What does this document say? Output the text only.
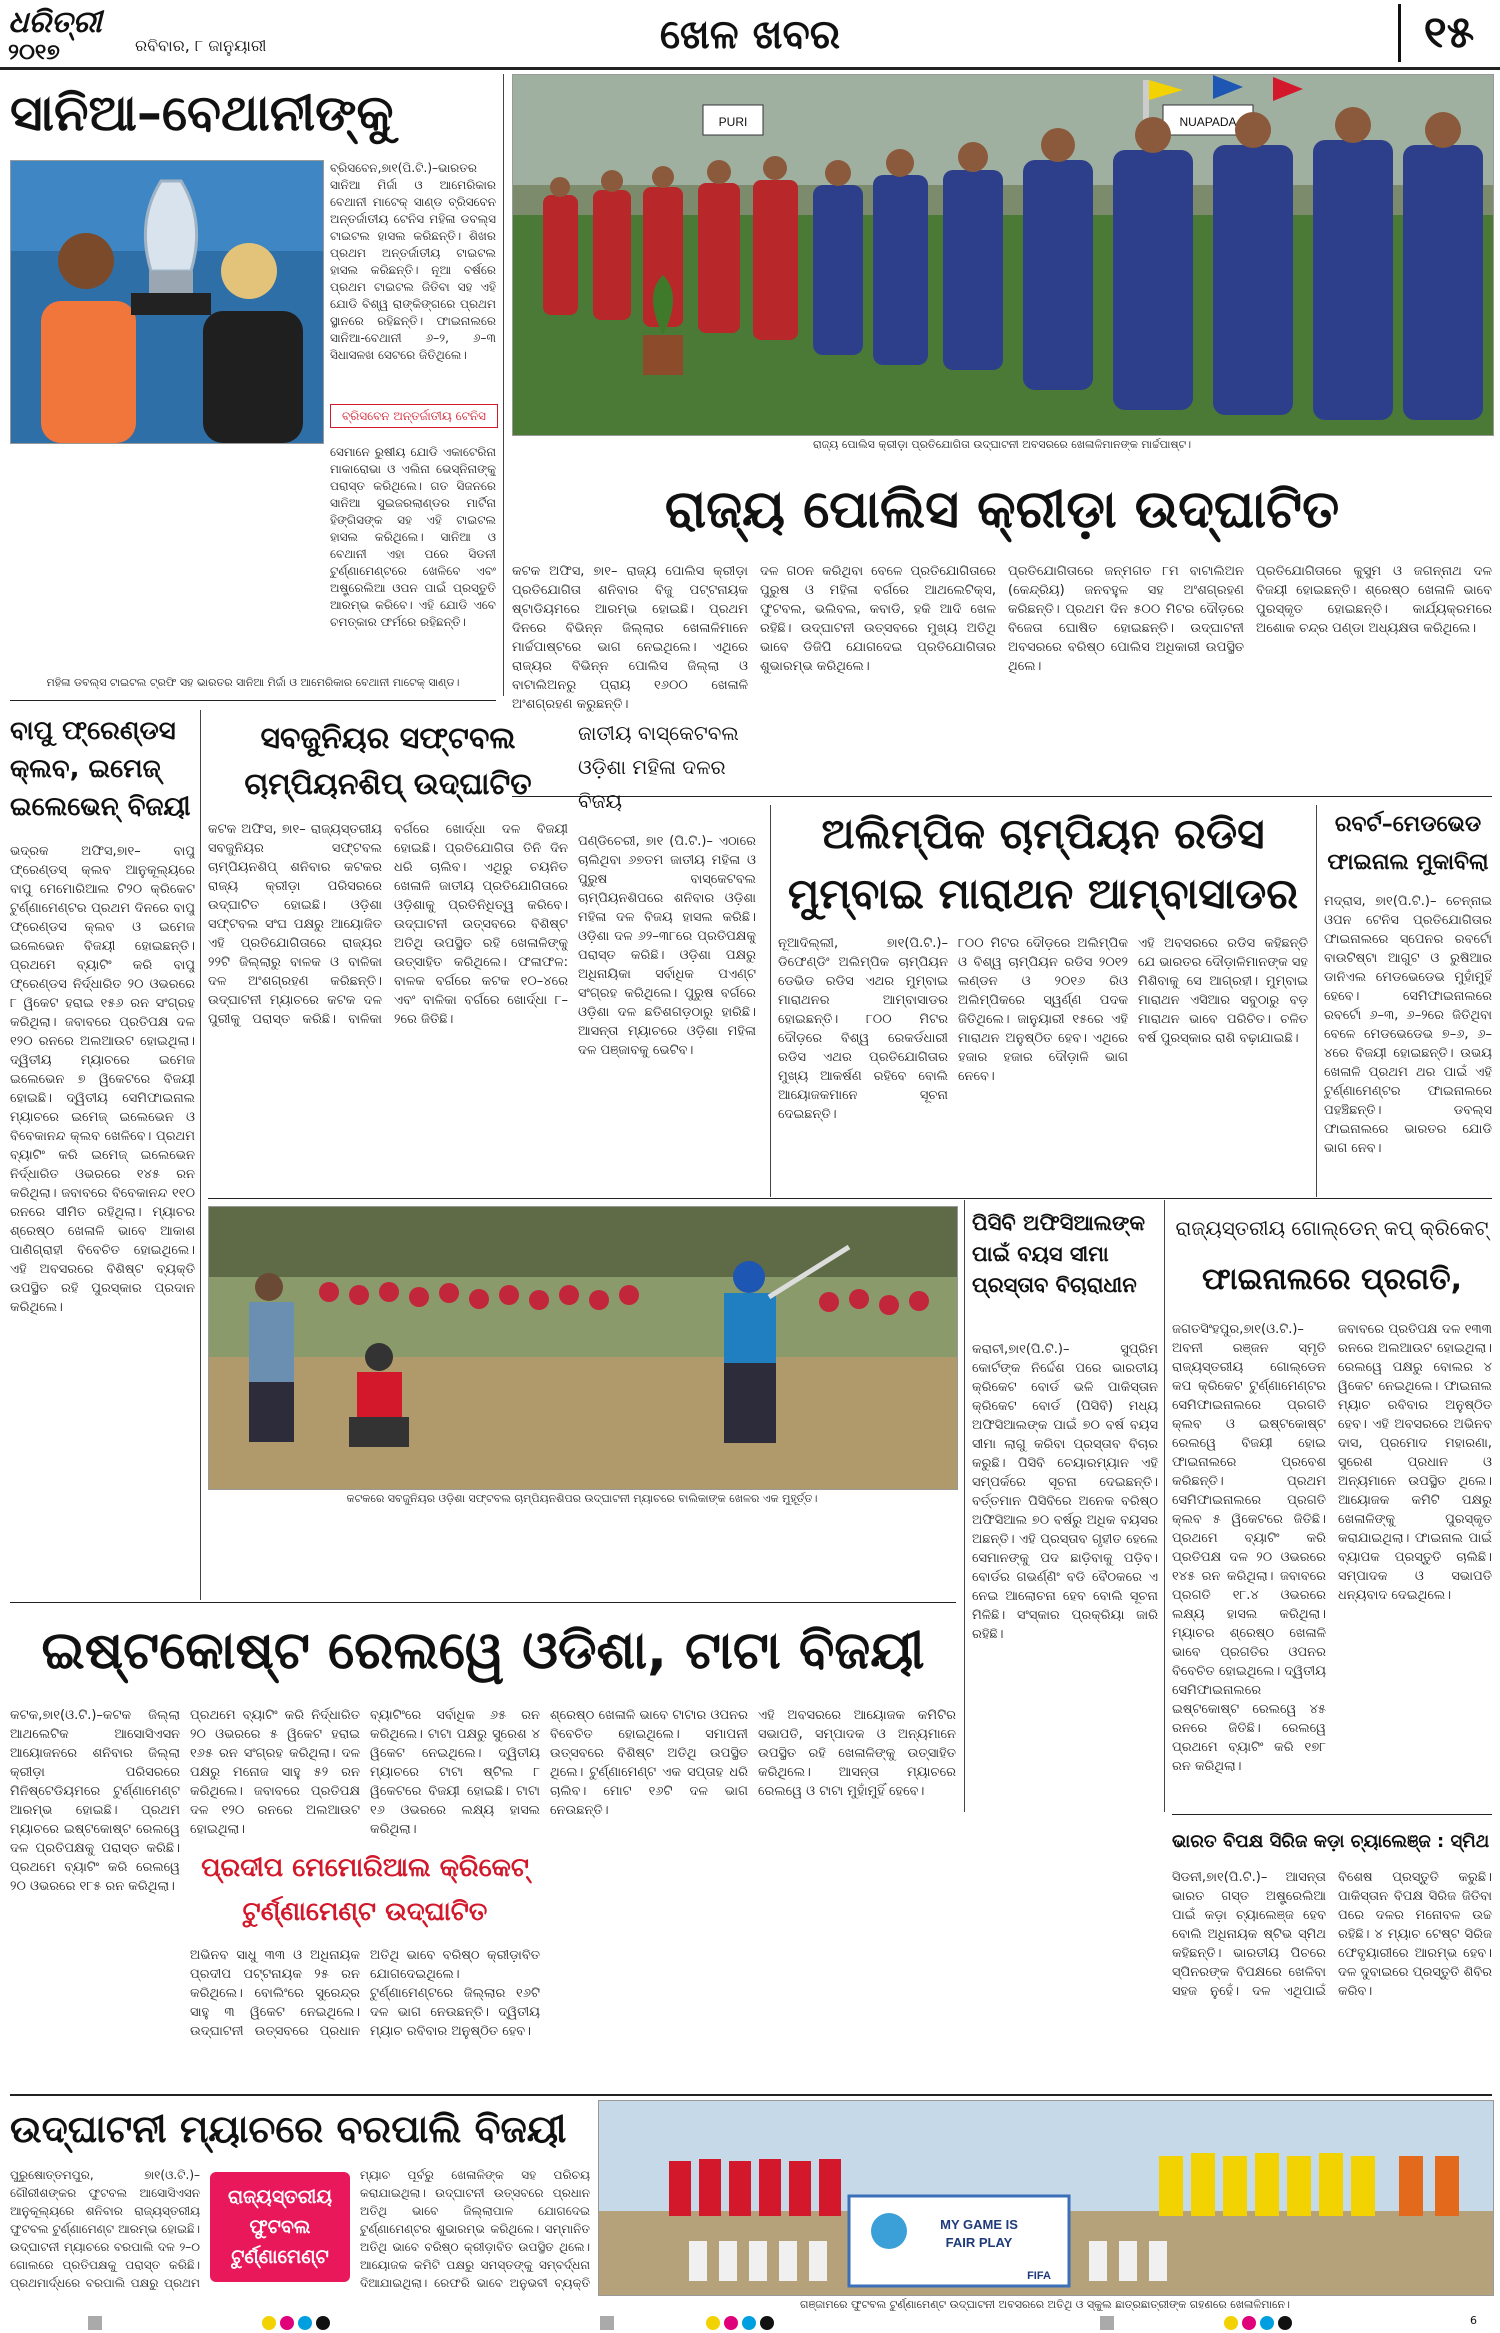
ଧରିତ୍ରୀ
୨୦୧୭	ରବିବାର, ୮ ଜାନୁୟାରୀ	ଖେଳ ଖବର	୧୫
ସାନିଆ–ବେଥାନୀଙ୍କୁ
ବ୍ରିସବେନ,୭ା୧(ପି.ଟି.)–ଭାରତର ସାନିଆ ମିର୍ଜା ଓ ଆମେରିକାର ବେଥାନୀ ମାଟେକ୍ ସାଣ୍ଡ ବ୍ରିସବେନ ଅନ୍ତର୍ଜାତୀୟ ଟେନିସ ମହିଳା ଡବଲ୍ସ ଟାଇଟଲ ହାସଲ କରିଛନ୍ତି। ଶିଖର ପ୍ରଥମ ଅନ୍ତର୍ଜାତୀୟ ଟାଇଟଲ ହାସଲ କରିଛନ୍ତି। ନୂଆ ବର୍ଷରେ ପ୍ରଥମ ଟାଇଟଲ ଜିତିବା ସହ ଏହି ଯୋଡି ବିଶ୍ୱ ରାଙ୍କିଙ୍ଗରେ ପ୍ରଥମ ସ୍ଥାନରେ ରହିଛନ୍ତି। ଫାଇନାଲରେ ସାନିଆ-ବେଥାନୀ ୬–୨, ୬–୩ ସିଧାସଳଖ ସେଟରେ ଜିତିଥିଲେ।
ବ୍ରିସବେନ ଅନ୍ତର୍ଜାତୀୟ ଟେନିସ
ସେମାନେ ରୁଷୀୟ ଯୋଡି ଏକାଟେରିନା ମାକାରୋଭା ଓ ଏଲିନା ଭେସ୍ନିନାଙ୍କୁ ପରାସ୍ତ କରିଥିଲେ। ଗତ ସିଜନରେ ସାନିଆ ସୁଇଜରଲାଣ୍ଡର ମାର୍ଟିନା ହିଙ୍ଗିସଙ୍କ ସହ ଏହି ଟାଇଟଲ ହାସଲ କରିଥିଲେ। ସାନିଆ ଓ ବେଥାନୀ ଏହା ପରେ ସିଡନୀ ଟୁର୍ଣ୍ଣାମେଣ୍ଟରେ ଖେଳିବେ ଏବଂ ଅଷ୍ଟ୍ରେଲିଆ ଓପନ ପାଇଁ ପ୍ରସ୍ତୁତି ଆରମ୍ଭ କରିବେ। ଏହି ଯୋଡି ଏବେ ଚମତ୍କାର ଫର୍ମରେ ରହିଛନ୍ତି।
ମହିଳା ଡବଲ୍ସ ଟାଇଟଲ ଟ୍ରଫି ସହ ଭାରତର ସାନିଆ ମିର୍ଜା ଓ ଆମେରିକାର ବେଥାନୀ ମାଟେକ୍ ସାଣ୍ଡ।
PURI	NUAPADA
ରାଜ୍ୟ ପୋଲିସ କ୍ରୀଡ଼ା ପ୍ରତିଯୋଗିତା ଉଦ୍‌ଘାଟନୀ ଅବସରରେ ଖେଳାଳିମାନଙ୍କ ମାର୍ଚ୍ଚପାଷ୍ଟ।
ରାଜ୍ୟ ପୋଲିସ କ୍ରୀଡ଼ା ଉଦ୍‌ଘାଟିତ
କଟକ ଅଫିସ, ୭ା୧– ରାଜ୍ୟ ପୋଲିସ କ୍ରୀଡ଼ା ପ୍ରତିଯୋଗିତା ଶନିବାର ବିଜୁ ପଟ୍ଟନାୟକ ଷ୍ଟାଡିୟମରେ ଆରମ୍ଭ ହୋଇଛି। ପ୍ରଥମ ଦିନରେ ବିଭିନ୍ନ ଜିଲ୍ଲାର ଖେଳାଳିମାନେ ମାର୍ଚ୍ଚପାଷ୍ଟରେ ଭାଗ ନେଇଥିଲେ। ଏଥିରେ ରାଜ୍ୟର ବିଭିନ୍ନ ପୋଲିସ ଜିଲ୍ଲା ଓ ବାଟାଲିଅନରୁ ପ୍ରାୟ ୧୬୦୦ ଖେଳାଳି ଅଂଶଗ୍ରହଣ କରୁଛନ୍ତି।
ଦଳ ଗଠନ କରିଥିବା ବେଳେ ପ୍ରତିଯୋଗିତାରେ ପୁରୁଷ ଓ ମହିଳା ବର୍ଗରେ ଆଥଲେଟିକ୍ସ, ଫୁଟବଲ, ଭଲିବଲ, କବାଡି, ହକି ଆଦି ଖେଳ ରହିଛି। ଉଦ୍‌ଘାଟନୀ ଉତ୍ସବରେ ମୁଖ୍ୟ ଅତିଥି ଭାବେ ଡିଜିପି ଯୋଗଦେଇ ପ୍ରତିଯୋଗିତାର ଶୁଭାରମ୍ଭ କରିଥିଲେ।
ପ୍ରତିଯୋଗିତାରେ ଜନ୍ମଗତ ୮ମ ବାଟାଲିଅନ (କେନ୍ଦ୍ରିୟ) ଜନବହୁଳ ସହ ଅଂଶଗ୍ରହଣ କରିଛନ୍ତି। ପ୍ରଥମ ଦିନ ୫୦୦ ମିଟର ଦୌଡ଼ରେ ବିଜେତା ଘୋଷିତ ହୋଇଛନ୍ତି। ଉଦ୍‌ଘାଟନୀ ଅବସରରେ ବରିଷ୍ଠ ପୋଲିସ ଅଧିକାରୀ ଉପସ୍ଥିତ ଥିଲେ।
ପ୍ରତିଯୋଗିତାରେ କୁସୁମ ଓ ଜଗନ୍ନାଥ ଦଳ ବିଜୟୀ ହୋଇଛନ୍ତି। ଶ୍ରେଷ୍ଠ ଖେଳାଳି ଭାବେ ପୁରସ୍କୃତ ହୋଇଛନ୍ତି। କାର୍ଯ୍ୟକ୍ରମରେ ଅଶୋକ ଚନ୍ଦ୍ର ପଣ୍ଡା ଅଧ୍ୟକ୍ଷତା କରିଥିଲେ।
ବାପୁ ଫ୍ରେଣ୍ଡସ କ୍ଲବ, ଇମେଜ୍ ଇଲେଭେନ୍ ବିଜୟୀ
ଭଦ୍ରକ ଅଫିସ,୭ା୧– ବାପୁ ଫ୍ରେଣ୍ଡସ୍ କ୍ଲବ ଆନୁକୂଲ୍ୟରେ ବାପୁ ମେମୋରିଆଲ ଟି୨୦ କ୍ରିକେଟ ଟୁର୍ଣ୍ଣାମେଣ୍ଟର ପ୍ରଥମ ଦିନରେ ବାପୁ ଫ୍ରେଣ୍ଡସ କ୍ଲବ ଓ ଇମେଜ ଇଲେଭେନ ବିଜୟୀ ହୋଇଛନ୍ତି। ପ୍ରଥମେ ବ୍ୟାଟିଂ କରି ବାପୁ ଫ୍ରେଣ୍ଡସ ନିର୍ଦ୍ଧାରିତ ୨୦ ଓଭରରେ ୮ ୱିକେଟ ହରାଇ ୧୫୬ ରନ ସଂଗ୍ରହ କରିଥିଲା। ଜବାବରେ ପ୍ରତିପକ୍ଷ ଦଳ ୧୨୦ ରନରେ ଅଲଆଉଟ ହୋଇଥିଲା। ଦ୍ୱିତୀୟ ମ୍ୟାଚରେ ଇମେଜ ଇଲେଭେନ ୭ ୱିକେଟରେ ବିଜୟୀ ହୋଇଛି। ଦ୍ୱିତୀୟ ସେମିଫାଇନାଲ ମ୍ୟାଚରେ ଇମେଜ୍ ଇଲେଭେନ ଓ ବିବେକାନନ୍ଦ କ୍ଲବ ଖେଳିବେ। ପ୍ରଥମ ବ୍ୟାଟିଂ କରି ଇମେଜ୍ ଇଲେଭେନ ନିର୍ଦ୍ଧାରିତ ଓଭରରେ ୧୪୫ ରନ କରିଥିଲା। ଜବାବରେ ବିବେକାନନ୍ଦ ୧୧୦ ରନରେ ସୀମିତ ରହିଥିଲା। ମ୍ୟାଚର ଶ୍ରେଷ୍ଠ ଖେଳାଳି ଭାବେ ଆକାଶ ପାଣିଗ୍ରାହୀ ବିବେଚିତ ହୋଇଥିଲେ। ଏହି ଅବସରରେ ବିଶିଷ୍ଟ ବ୍ୟକ୍ତି ଉପସ୍ଥିତ ରହି ପୁରସ୍କାର ପ୍ରଦାନ କରିଥିଲେ।
ସବଜୁନିୟର ସଫ୍ଟବଲ ଚାମ୍ପିୟନଶିପ୍ ଉଦ୍‌ଘାଟିତ
କଟକ ଅଫିସ, ୭ା୧– ରାଜ୍ୟସ୍ତରୀୟ ସବଜୁନିୟର ସଫ୍ଟବଲ ଚାମ୍ପିୟନଶିପ୍ ଶନିବାର କଟକର ରାଜ୍ୟ କ୍ରୀଡ଼ା ପରିସରରେ ଉଦ୍‌ଘାଟିତ ହୋଇଛି। ଓଡ଼ିଶା ସଫ୍ଟବଲ ସଂଘ ପକ୍ଷରୁ ଆୟୋଜିତ ଏହି ପ୍ରତିଯୋଗିତାରେ ରାଜ୍ୟର ୨୨ଟି ଜିଲ୍ଲାରୁ ବାଳକ ଓ ବାଳିକା ଦଳ ଅଂଶଗ୍ରହଣ କରିଛନ୍ତି। ଉଦ୍‌ଘାଟନୀ ମ୍ୟାଚରେ କଟକ ଦଳ ପୁରୀକୁ ପରାସ୍ତ କରିଛି। ବାଳିକା ବର୍ଗରେ ଖୋର୍ଦ୍ଧା ଦଳ ବିଜୟୀ ହୋଇଛି। ପ୍ରତିଯୋଗିତା ତିନି ଦିନ ଧରି ଚାଲିବ। ଏଥିରୁ ଚୟନିତ ଖେଳାଳି ଜାତୀୟ ପ୍ରତିଯୋଗିତାରେ ଓଡ଼ିଶାକୁ ପ୍ରତିନିଧିତ୍ୱ କରିବେ। ଉଦ୍‌ଘାଟନୀ ଉତ୍ସବରେ ବିଶିଷ୍ଟ ଅତିଥି ଉପସ୍ଥିତ ରହି ଖେଳାଳିଙ୍କୁ ଉତ୍ସାହିତ କରିଥିଲେ। ଫଳାଫଳ: ବାଳକ ବର୍ଗରେ କଟକ ୧୦–୪ରେ ଏବଂ ବାଳିକା ବର୍ଗରେ ଖୋର୍ଦ୍ଧା ୮–୨ରେ ଜିତିଛି।
ଜାତୀୟ ବାସ୍କେଟବଲ ଓଡ଼ିଶା ମହିଳା ଦଳର ବିଜୟ
ପଣ୍ଡିଚେରୀ, ୭ା୧ (ପି.ଟି.)– ଏଠାରେ ଚାଲିଥିବା ୬୭ତମ ଜାତୀୟ ମହିଳା ଓ ପୁରୁଷ ବାସ୍କେଟବଲ ଚାମ୍ପିୟନଶିପରେ ଶନିବାର ଓଡ଼ିଶା ମହିଳା ଦଳ ବିଜୟ ହାସଲ କରିଛି। ଓଡ଼ିଶା ଦଳ ୬୨–୩୮ରେ ପ୍ରତିପକ୍ଷକୁ ପରାସ୍ତ କରିଛି। ଓଡ଼ିଶା ପକ୍ଷରୁ ଅଧିନାୟିକା ସର୍ବାଧିକ ପଏଣ୍ଟ ସଂଗ୍ରହ କରିଥିଲେ। ପୁରୁଷ ବର୍ଗରେ ଓଡ଼ିଶା ଦଳ ଛତିଶଗଡ଼ଠାରୁ ହାରିଛି। ଆସନ୍ତା ମ୍ୟାଚରେ ଓଡ଼ିଶା ମହିଳା ଦଳ ପଞ୍ଜାବକୁ ଭେଟିବ।
ଅଲିମ୍ପିକ ଚାମ୍ପିୟନ ରଡିସ
ମୁମ୍ବାଇ ମାରାଥନ ଆମ୍ବାସାଡର
ନୂଆଦିଲ୍ଲୀ, ୭ା୧(ପି.ଟି.)– ଡିଫେଣ୍ଡିଂ ଅଲିମ୍ପିକ ଚାମ୍ପିୟନ ଡେଭିଡ ରଡିସ ଏଥର ମୁମ୍ବାଇ ମାରାଥନର ଆମ୍ବାସାଡର ହୋଇଛନ୍ତି। ୮୦୦ ମିଟର ଦୌଡ଼ରେ ବିଶ୍ୱ ରେକର୍ଡଧାରୀ ରଡିସ ଏଥର ପ୍ରତିଯୋଗିତାର ମୁଖ୍ୟ ଆକର୍ଷଣ ରହିବେ ବୋଲି ଆୟୋଜକମାନେ ସୂଚନା ଦେଇଛନ୍ତି।
୮୦୦ ମିଟର ଦୌଡ଼ରେ ଅଲିମ୍ପିକ ଓ ବିଶ୍ୱ ଚାମ୍ପିୟନ ରଡିସ ୨୦୧୨ ଲଣ୍ଡନ ଓ ୨୦୧୬ ରିଓ ଅଲିମ୍ପିକରେ ସ୍ୱର୍ଣ୍ଣ ପଦକ ଜିତିଥିଲେ। ଜାନୁୟାରୀ ୧୫ରେ ଏହି ମାରାଥନ ଅନୁଷ୍ଠିତ ହେବ। ଏଥିରେ ହଜାର ହଜାର ଦୌଡ଼ାଳି ଭାଗ ନେବେ।
ଏହି ଅବସରରେ ରଡିସ କହିଛନ୍ତି ଯେ ଭାରତର ଦୌଡ଼ାଳିମାନଙ୍କ ସହ ମିଶିବାକୁ ସେ ଆଗ୍ରହୀ। ମୁମ୍ବାଇ ମାରାଥନ ଏସିଆର ସବୁଠାରୁ ବଡ଼ ମାରାଥନ ଭାବେ ପରିଚିତ। ଚଳିତ ବର୍ଷ ପୁରସ୍କାର ରାଶି ବଢ଼ାଯାଇଛି।
ରବର୍ଟ–ମେଡଭେଡ ଫାଇନାଲ ମୁକାବିଲା
ମଦ୍ରାସ, ୭ା୧(ପି.ଟି.)– ଚେନ୍ନାଇ ଓପନ ଟେନିସ ପ୍ରତିଯୋଗିତାର ଫାଇନାଲରେ ସ୍ପେନର ରବର୍ଟୋ ବାଉଟିଷ୍ଟା ଆଗୁଟ ଓ ରୁଷିଆର ଡାନିଏଲ ମେଡଭେଡେଭ ମୁହାଁମୁହିଁ ହେବେ। ସେମିଫାଇନାଲରେ ରବର୍ଟୋ ୬–୩, ୬–୨ରେ ଜିତିଥିବା ବେଳେ ମେଡଭେଡେଭ ୭–୬, ୬–୪ରେ ବିଜୟୀ ହୋଇଛନ୍ତି। ଉଭୟ ଖେଳାଳି ପ୍ରଥମ ଥର ପାଇଁ ଏହି ଟୁର୍ଣ୍ଣାମେଣ୍ଟର ଫାଇନାଲରେ ପହଞ୍ଚିଛନ୍ତି। ଡବଲ୍ସ ଫାଇନାଲରେ ଭାରତର ଯୋଡି ଭାଗ ନେବ।
କଟକରେ ସବଜୁନିୟର ଓଡ଼ିଶା ସଫ୍ଟବଲ ଚାମ୍ପିୟନଶିପର ଉଦ୍‌ଘାଟନୀ ମ୍ୟାଚରେ ବାଲିକାଙ୍କ ଖେଳର ଏକ ମୁହୂର୍ତ୍ତ।
ପିସିବି ଅଫିସିଆଲଙ୍କ ପାଇଁ ବୟସ ସୀମା ପ୍ରସ୍ତାବ ବିଚାରାଧୀନ
କରାଚୀ,୭ା୧(ପି.ଟି.)– ସୁପ୍ରିମ କୋର୍ଟଙ୍କ ନିର୍ଦ୍ଦେଶ ପରେ ଭାରତୀୟ କ୍ରିକେଟ ବୋର୍ଡ ଭଳି ପାକିସ୍ତାନ କ୍ରିକେଟ ବୋର୍ଡ (ପିସିବି) ମଧ୍ୟ ଅଫିସିଆଲଙ୍କ ପାଇଁ ୭୦ ବର୍ଷ ବୟସ ସୀମା ଲାଗୁ କରିବା ପ୍ରସ୍ତାବ ବିଚାର କରୁଛି। ପିସିବି ଚେୟାରମ୍ୟାନ ଏହି ସମ୍ପର୍କରେ ସୂଚନା ଦେଇଛନ୍ତି। ବର୍ତ୍ତମାନ ପିସିବିରେ ଅନେକ ବରିଷ୍ଠ ଅଫିସିଆଲ ୭୦ ବର୍ଷରୁ ଅଧିକ ବୟସର ଅଛନ୍ତି। ଏହି ପ୍ରସ୍ତାବ ଗୃହୀତ ହେଲେ ସେମାନଙ୍କୁ ପଦ ଛାଡ଼ିବାକୁ ପଡ଼ିବ। ବୋର୍ଡର ଗଭର୍ଣ୍ଣିଂ ବଡି ବୈଠକରେ ଏ ନେଇ ଆଲୋଚନା ହେବ ବୋଲି ସୂଚନା ମିଳିଛି। ସଂସ୍କାର ପ୍ରକ୍ରିୟା ଜାରି ରହିଛି।
ରାଜ୍ୟସ୍ତରୀୟ ଗୋଲ୍‌ଡେନ୍ କପ୍ କ୍ରିକେଟ୍
ଫାଇନାଲରେ ପ୍ରଗତି,
ଜଗତସିଂହପୁର,୭ା୧(ଓ.ଟି.)– ଅବନୀ ରଞ୍ଜନ ସ୍ମୃତି ରାଜ୍ୟସ୍ତରୀୟ ଗୋଲ୍‌ଡେନ କପ କ୍ରିକେଟ ଟୁର୍ଣ୍ଣାମେଣ୍ଟର ସେମିଫାଇନାଲରେ ପ୍ରଗତି କ୍ଲବ ଓ ଇଷ୍ଟକୋଷ୍ଟ ରେଲୱେ ବିଜୟୀ ହୋଇ ଫାଇନାଲରେ ପ୍ରବେଶ କରିଛନ୍ତି। ପ୍ରଥମ ସେମିଫାଇନାଲରେ ପ୍ରଗତି କ୍ଲବ ୫ ୱିକେଟରେ ଜିତିଛି। ପ୍ରଥମେ ବ୍ୟାଟିଂ କରି ପ୍ରତିପକ୍ଷ ଦଳ ୨୦ ଓଭରରେ ୧୪୫ ରନ କରିଥିଲା। ଜବାବରେ ପ୍ରଗତି ୧୮.୪ ଓଭରରେ ଲକ୍ଷ୍ୟ ହାସଲ କରିଥିଲା। ମ୍ୟାଚର ଶ୍ରେଷ୍ଠ ଖେଳାଳି ଭାବେ ପ୍ରଗତିର ଓପନର ବିବେଚିତ ହୋଇଥିଲେ। ଦ୍ୱିତୀୟ ସେମିଫାଇନାଲରେ ଇଷ୍ଟକୋଷ୍ଟ ରେଲୱେ ୪୫ ରନରେ ଜିତିଛି। ରେଲୱେ ପ୍ରଥମେ ବ୍ୟାଟିଂ କରି ୧୭୮ ରନ କରିଥିଲା।
ଜବାବରେ ପ୍ରତିପକ୍ଷ ଦଳ ୧୩୩ ରନରେ ଅଲଆଉଟ ହୋଇଥିଲା। ରେଲୱେ ପକ୍ଷରୁ ବୋଲର ୪ ୱିକେଟ ନେଇଥିଲେ। ଫାଇନାଲ ମ୍ୟାଚ ରବିବାର ଅନୁଷ୍ଠିତ ହେବ। ଏହି ଅବସରରେ ଅଭିନବ ଦାସ, ପ୍ରମୋଦ ମହାରଣା, ସୁରେଶ ପ୍ରଧାନ ଓ ଅନ୍ୟମାନେ ଉପସ୍ଥିତ ଥିଲେ। ଆୟୋଜକ କମିଟି ପକ୍ଷରୁ ଖେଳାଳିଙ୍କୁ ପୁରସ୍କୃତ କରାଯାଇଥିଲା। ଫାଇନାଲ ପାଇଁ ବ୍ୟାପକ ପ୍ରସ୍ତୁତି ଚାଲିଛି। ସମ୍ପାଦକ ଓ ସଭାପତି ଧନ୍ୟବାଦ ଦେଇଥିଲେ।
ଭାରତ ବିପକ୍ଷ ସିରିଜ କଡ଼ା ଚ୍ୟାଲେଞ୍ଜ : ସ୍ମିଥ
ସିଡନୀ,୭ା୧(ପି.ଟି.)– ଆସନ୍ତା ଭାରତ ଗସ୍ତ ଅଷ୍ଟ୍ରେଲିଆ ପାଇଁ କଡ଼ା ଚ୍ୟାଲେଞ୍ଜ ହେବ ବୋଲି ଅଧିନାୟକ ଷ୍ଟିଭ ସ୍ମିଥ କହିଛନ୍ତି। ଭାରତୀୟ ପିଚରେ ସ୍ପିନରଙ୍କ ବିପକ୍ଷରେ ଖେଳିବା ସହଜ ନୁହେଁ। ଦଳ ଏଥିପାଇଁ ବିଶେଷ ପ୍ରସ୍ତୁତି କରୁଛି। ପାକିସ୍ତାନ ବିପକ୍ଷ ସିରିଜ ଜିତିବା ପରେ ଦଳର ମନୋବଳ ଉଚ୍ଚ ରହିଛି। ୪ ମ୍ୟାଚ ଟେଷ୍ଟ ସିରିଜ ଫେବୃୟାରୀରେ ଆରମ୍ଭ ହେବ। ଦଳ ଦୁବାଇରେ ପ୍ରସ୍ତୁତି ଶିବିର କରିବ।
ଇଷ୍ଟକୋଷ୍ଟ ରେଲୱେ ଓଡିଶା, ଟାଟା ବିଜୟୀ
କଟକ,୭ା୧(ଓ.ଟି.)–କଟକ ଜିଲ୍ଲା ଆଥଲେଟିକ ଆସୋସିଏସନ ଆୟୋଜନରେ ଶନିବାର ଜିଲ୍ଲା କ୍ରୀଡ଼ା ପରିସରରେ ମିନିଷ୍ଟେଡିୟମରେ ଟୁର୍ଣ୍ଣାମେଣ୍ଟ ଆରମ୍ଭ ହୋଇଛି। ପ୍ରଥମ ମ୍ୟାଚରେ ଇଷ୍ଟକୋଷ୍ଟ ରେଲୱେ ଦଳ ପ୍ରତିପକ୍ଷକୁ ପରାସ୍ତ କରିଛି। ପ୍ରଥମେ ବ୍ୟାଟିଂ କରି ରେଲୱେ ୨୦ ଓଭରରେ ୧୮୫ ରନ କରିଥିଲା।
ପ୍ରଥମେ ବ୍ୟାଟିଂ କରି ନିର୍ଦ୍ଧାରିତ ୨୦ ଓଭରରେ ୫ ୱିକେଟ ହରାଇ ୧୬୫ ରନ ସଂଗ୍ରହ କରିଥିଲା। ଦଳ ପକ୍ଷରୁ ମନୋଜ ସାହୁ ୫୨ ରନ କରିଥିଲେ। ଜବାବରେ ପ୍ରତିପକ୍ଷ ଦଳ ୧୨୦ ରନରେ ଅଲଆଉଟ ହୋଇଥିଲା।
ବ୍ୟାଟିଂରେ ସର୍ବାଧିକ ୬୫ ରନ କରିଥିଲେ। ଟାଟା ପକ୍ଷରୁ ସୁରେଶ ୪ ୱିକେଟ ନେଇଥିଲେ। ଦ୍ୱିତୀୟ ମ୍ୟାଚରେ ଟାଟା ଷ୍ଟିଲ ୮ ୱିକେଟରେ ବିଜୟୀ ହୋଇଛି। ଟାଟା ୧୬ ଓଭରରେ ଲକ୍ଷ୍ୟ ହାସଲ କରିଥିଲା।
ଶ୍ରେଷ୍ଠ ଖେଳାଳି ଭାବେ ଟାଟାର ଓପନର ବିବେଚିତ ହୋଇଥିଲେ। ସମାପନୀ ଉତ୍ସବରେ ବିଶିଷ୍ଟ ଅତିଥି ଉପସ୍ଥିତ ଥିଲେ। ଟୁର୍ଣ୍ଣାମେଣ୍ଟ ଏକ ସପ୍ତାହ ଧରି ଚାଲିବ। ମୋଟ ୧୬ଟି ଦଳ ଭାଗ ନେଉଛନ୍ତି।
ଏହି ଅବସରରେ ଆୟୋଜକ କମିଟିର ସଭାପତି, ସମ୍ପାଦକ ଓ ଅନ୍ୟମାନେ ଉପସ୍ଥିତ ରହି ଖେଳାଳିଙ୍କୁ ଉତ୍ସାହିତ କରିଥିଲେ। ଆସନ୍ତା ମ୍ୟାଚରେ ରେଲୱେ ଓ ଟାଟା ମୁହାଁମୁହିଁ ହେବେ।
ପ୍ରଦୀପ ମେମୋରିଆଲ କ୍ରିକେଟ୍ ଟୁର୍ଣ୍ଣାମେଣ୍ଟ ଉଦ୍‌ଘାଟିତ
ଅଭିନବ ସାଧୁ ୩୩ ଓ ଅଧିନାୟକ ପ୍ରଦୀପ ପଟ୍ଟନାୟକ ୨୫ ରନ କରିଥିଲେ। ବୋଲିଂରେ ସୁରେନ୍ଦ୍ର ସାହୁ ୩ ୱିକେଟ ନେଇଥିଲେ। ଉଦ୍‌ଘାଟନୀ ଉତ୍ସବରେ ପ୍ରଧାନ ଅତିଥି ଭାବେ ବରିଷ୍ଠ କ୍ରୀଡ଼ାବିତ ଯୋଗଦେଇଥିଲେ। ଟୁର୍ଣ୍ଣାମେଣ୍ଟରେ ଜିଲ୍ଲାର ୧୬ଟି ଦଳ ଭାଗ ନେଉଛନ୍ତି। ଦ୍ୱିତୀୟ ମ୍ୟାଚ ରବିବାର ଅନୁଷ୍ଠିତ ହେବ।
ଉଦ୍‌ଘାଟନୀ ମ୍ୟାଚରେ ବରପାଲି ବିଜୟୀ
ପୁରୁଷୋତ୍ତମପୁର, ୭ା୧(ଓ.ଟି.)– ଗୌରୀଶଙ୍କର ଫୁଟବଲ ଆସୋସିଏସନ ଆନୁକୂଲ୍ୟରେ ଶନିବାର ରାଜ୍ୟସ୍ତରୀୟ ଫୁଟବଲ ଟୁର୍ଣ୍ଣାମେଣ୍ଟ ଆରମ୍ଭ ହୋଇଛି। ଉଦ୍‌ଘାଟନୀ ମ୍ୟାଚରେ ବରପାଲି ଦଳ ୨–୦ ଗୋଲରେ ପ୍ରତିପକ୍ଷକୁ ପରାସ୍ତ କରିଛି। ପ୍ରଥମାର୍ଦ୍ଧରେ ବରପାଲି ପକ୍ଷରୁ ପ୍ରଥମ
ରାଜ୍ୟସ୍ତରୀୟ ଫୁଟବଲ ଟୁର୍ଣ୍ଣାମେଣ୍ଟ
ମ୍ୟାଚ ପୂର୍ବରୁ ଖେଳାଳିଙ୍କ ସହ ପରିଚୟ କରାଯାଇଥିଲା। ଉଦ୍‌ଘାଟନୀ ଉତ୍ସବରେ ପ୍ରଧାନ ଅତିଥି ଭାବେ ଜିଲ୍ଲାପାଳ ଯୋଗଦେଇ ଟୁର୍ଣ୍ଣାମେଣ୍ଟର ଶୁଭାରମ୍ଭ କରିଥିଲେ। ସମ୍ମାନିତ ଅତିଥି ଭାବେ ବରିଷ୍ଠ କ୍ରୀଡ଼ାବିତ ଉପସ୍ଥିତ ଥିଲେ। ଆୟୋଜକ କମିଟି ପକ୍ଷରୁ ସମସ୍ତଙ୍କୁ ସମ୍ବର୍ଦ୍ଧନା ଦିଆଯାଇଥିଲା। ରେଫରି ଭାବେ ଅନୁଭବୀ ବ୍ୟକ୍ତି
MY GAME IS
FAIR PLAY
FIFA
ଗଞ୍ଜାମରେ ଫୁଟବଲ ଟୁର୍ଣ୍ଣାମେଣ୍ଟ ଉଦ୍‌ଘାଟନୀ ଅବସରରେ ଅତିଥି ଓ ସ୍କୁଲ ଛାତ୍ରଛାତ୍ରୀଙ୍କ ଗହଣରେ ଖେଳାଳିମାନେ।
6
